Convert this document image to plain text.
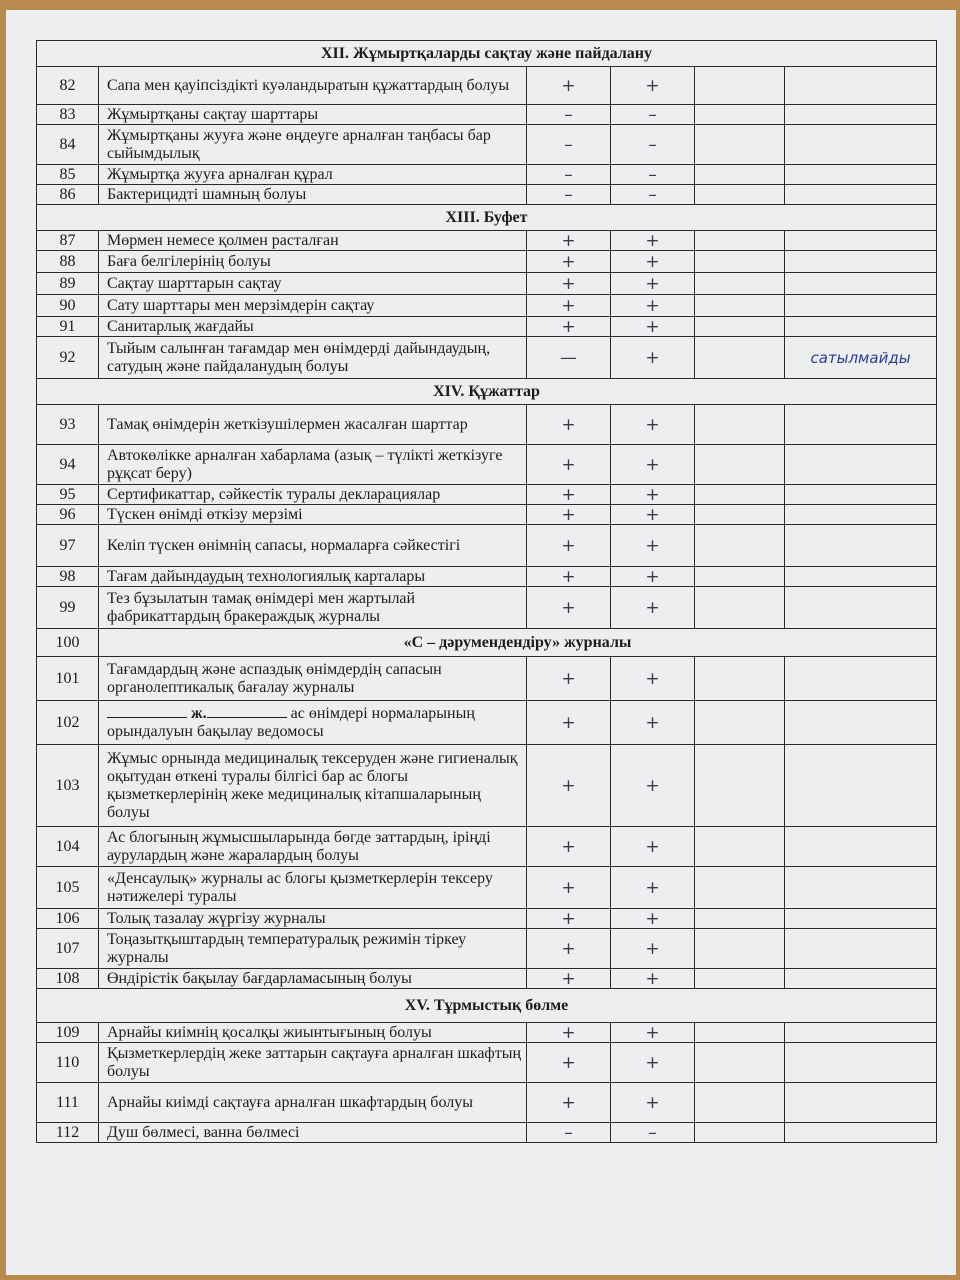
XII. Жұмыртқаларды сақтау және пайдалану					
82	Сапа мен қауіпсіздікті куәландыратын құжаттардың болуы	+	+		
83	Жұмыртқаны сақтау шарттары	–	–		
84	Жұмыртқаны жууға және өңдеуге арналған таңбасы бар сыйымдылық	–	–		
85	Жұмыртқа жууға арналған құрал	–	–		
86	Бактерицидті шамның болуы	–	–		
XIII. Буфет					
87	Мөрмен немесе қолмен расталған	+	+		
88	Баға белгілерінің болуы	+	+		
89	Сақтау шарттарын сақтау	+	+		
90	Сату шарттары мен мерзімдерін сақтау	+	+		
91	Санитарлық жағдайы	+	+		
92	Тыйым салынған тағамдар мен өнімдерді дайындаудың, сатудың және пайдаланудың болуы	—	+		сатылмайды
XIV. Құжаттар					
93	Тамақ өнімдерін жеткізушілермен жасалған шарттар	+	+		
94	Автокөлікке арналған хабарлама (азық – түлікті жеткізуге рұқсат беру)	+	+		
95	Сертификаттар, сәйкестік туралы декларациялар	+	+		
96	Түскен өнімді өткізу мерзімі	+	+		
97	Келіп түскен өнімнің сапасы, нормаларға сәйкестігі	+	+		
98	Тағам дайындаудың технологиялық карталары	+	+		
99	Тез бұзылатын тамақ өнімдері мен жартылай фабрикаттардың бракераждық журналы	+	+		
100	«С – дәрумендендіру» журналы				
101	Тағамдардың және аспаздық өнімдердің сапасын органолептикалық бағалау журналы	+	+		
102	ж. ас өнімдері нормаларының орындалуын бақылау ведомосы	+	+		
103	Жұмыс орнында медициналық тексеруден және гигиеналық оқытудан өткені туралы білгісі бар ас блогы қызметкерлерінің жеке медициналық кітапшаларының болуы	+	+		
104	Ас блогының жұмысшыларында бөгде заттардың, іріңді аурулардың және жаралардың болуы	+	+		
105	«Денсаулық» журналы ас блогы қызметкерлерін тексеру нәтижелері туралы	+	+		
106	Толық тазалау жүргізу журналы	+	+		
107	Тоңазытқыштардың температуралық режимін тіркеу журналы	+	+		
108	Өндірістік бақылау бағдарламасының болуы	+	+		
XV. Тұрмыстық бөлме					
109	Арнайы киімнің қосалқы жиынтығының болуы	+	+		
110	Қызметкерлердің жеке заттарын сақтауға арналған шкафтың болуы	+	+		
111	Арнайы киімді сақтауға арналған шкафтардың болуы	+	+		
112	Душ бөлмесі, ванна бөлмесі	–	–		
